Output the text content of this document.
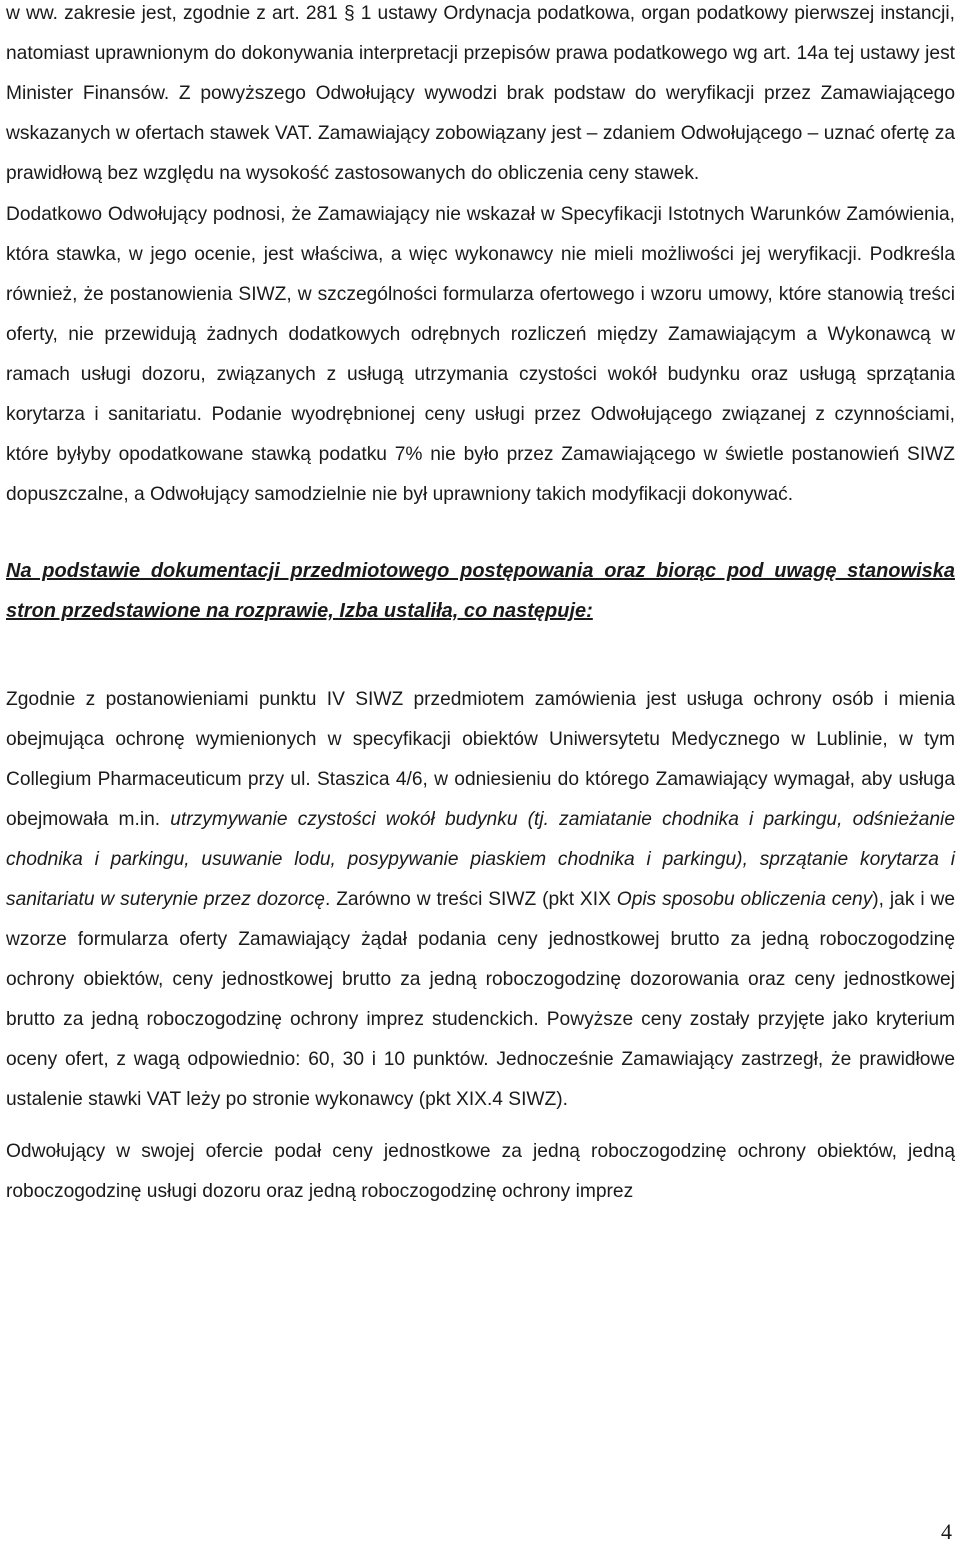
w ww. zakresie jest, zgodnie z art. 281 § 1 ustawy Ordynacja podatkowa, organ podatkowy pierwszej instancji, natomiast uprawnionym do dokonywania interpretacji przepisów prawa podatkowego wg art. 14a tej ustawy jest Minister Finansów. Z powyższego Odwołujący wywodzi brak podstaw do weryfikacji przez Zamawiającego wskazanych w ofertach stawek VAT. Zamawiający zobowiązany jest – zdaniem Odwołującego – uznać ofertę za prawidłową bez względu na wysokość zastosowanych do obliczenia ceny stawek.

Dodatkowo Odwołujący podnosi, że Zamawiający nie wskazał w Specyfikacji Istotnych Warunków Zamówienia, która stawka, w jego ocenie, jest właściwa, a więc wykonawcy nie mieli możliwości jej weryfikacji. Podkreśla również, że postanowienia SIWZ, w szczególności formularza ofertowego i wzoru umowy, które stanowią treści oferty, nie przewidują żadnych dodatkowych odrębnych rozliczeń między Zamawiającym a Wykonawcą w ramach usługi dozoru, związanych z usługą utrzymania czystości wokół budynku oraz usługą sprzątania korytarza i sanitariatu. Podanie wyodrębnionej ceny usługi przez Odwołującego związanej z czynnościami, które byłyby opodatkowane stawką podatku 7% nie było przez Zamawiającego w świetle postanowień SIWZ dopuszczalne, a Odwołujący samodzielnie nie był uprawniony takich modyfikacji dokonywać.

Na podstawie dokumentacji przedmiotowego postępowania oraz biorąc pod uwagę stanowiska stron przedstawione na rozprawie, Izba ustaliła, co następuje:

Zgodnie z postanowieniami punktu IV SIWZ przedmiotem zamówienia jest usługa ochrony osób i mienia obejmująca ochronę wymienionych w specyfikacji obiektów Uniwersytetu Medycznego w Lublinie, w tym Collegium Pharmaceuticum przy ul. Staszica 4/6, w odniesieniu do którego Zamawiający wymagał, aby usługa obejmowała m.in. utrzymywanie czystości wokół budynku (tj. zamiatanie chodnika i parkingu, odśnieżanie chodnika i parkingu, usuwanie lodu, posypywanie piaskiem chodnika i parkingu), sprzątanie korytarza i sanitariatu w suterynie przez dozorcę. Zarówno w treści SIWZ (pkt XIX Opis sposobu obliczenia ceny), jak i we wzorze formularza oferty Zamawiający żądał podania ceny jednostkowej brutto za jedną roboczogodzinę ochrony obiektów, ceny jednostkowej brutto za jedną roboczogodzinę dozorowania oraz ceny jednostkowej brutto za jedną roboczogodzinę ochrony imprez studenckich. Powyższe ceny zostały przyjęte jako kryterium oceny ofert, z wagą odpowiednio: 60, 30 i 10 punktów. Jednocześnie Zamawiający zastrzegł, że prawidłowe ustalenie stawki VAT leży po stronie wykonawcy (pkt XIX.4 SIWZ).

Odwołujący w swojej ofercie podał ceny jednostkowe za jedną roboczogodzinę ochrony obiektów, jedną roboczogodzinę usługi dozoru oraz jedną roboczogodzinę ochrony imprez

4
